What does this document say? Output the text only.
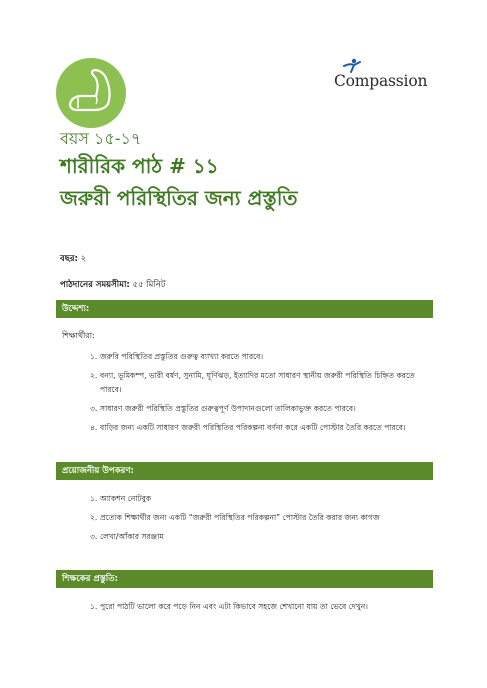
Compassion
বয়স ১৫-১৭
শারীরিক পাঠ # ১১
জরুরী পরিস্থিতির জন্য প্রস্তুতি
বছর: ২
পাঠদানের সময়সীমা: ৫৫ মিনিট
উদ্দেশ্য:
শিক্ষার্থীরা:
১. জরুরি পরিস্থিতির প্রস্তুতির গুরুত্ব ব্যাখ্যা করতে পারবে।
২. বন্যা, ভূমিকম্প, ভারী বর্ষণ, সুনামি, ঘূর্ণিঝড়, ইত্যাদির মতো সাধারণ স্থানীয় জরুরী পরিস্থিতি চিহ্নিত করতে পারবে।
৩. সাধারণ জরুরী পরিস্থিতি প্রস্তুতির গুরুত্বপূর্ণ উপাদানগুলো তালিকাভুক্ত করতে পারবে।
৪. বাড়ির জন্য একটি সাধারণ জরুরী পরিস্থিতির পরিকল্পনা বর্ণনা করে একটি পোস্টার তৈরি করতে পারবে।
প্রয়োজনীয় উপকরণ:
১. অ্যাকশন নোটবুক
২. প্রত্যেক শিক্ষার্থীর জন্য একটি “জরুরী পরিস্থিতির পরিকল্পনা” পোস্টার তৈরি করার জন্য কাগজ
৩. লেখা/আঁকার সরঞ্জাম
শিক্ষকের প্রস্তুতি:
১. পুরো পাঠটি ভালো করে পড়ে নিন এবং এটা কিভাবে সহজে শেখানো যায় তা ভেবে দেখুন।
